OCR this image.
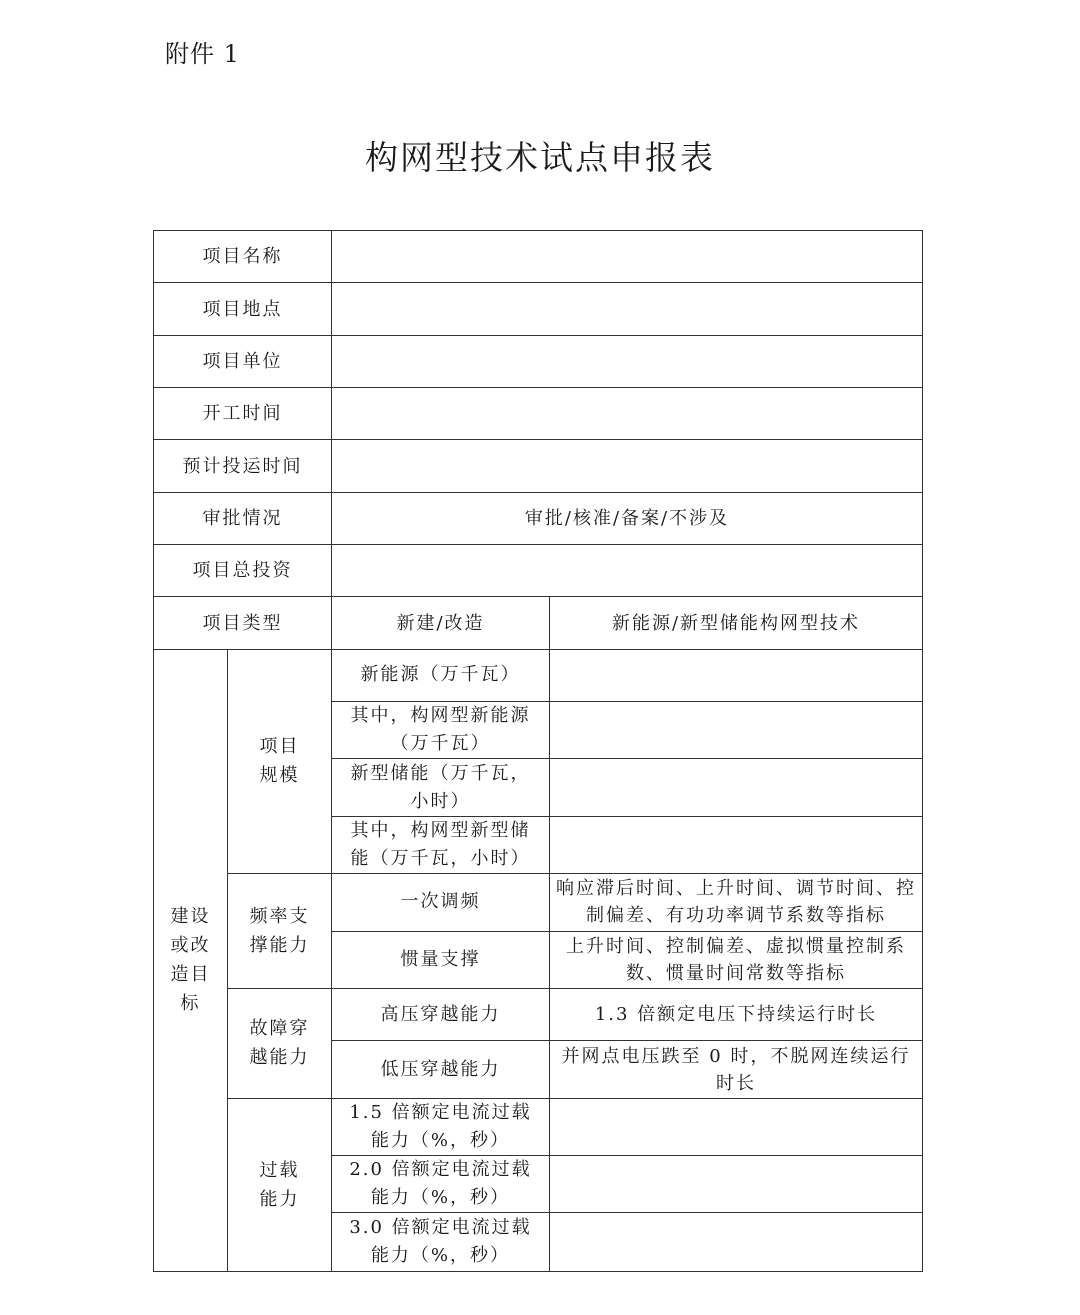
附件 1
构网型技术试点申报表
项目名称			
项目地点			
项目单位			
开工时间			
预计投运时间			
审批情况		审批/核准/备案/不涉及	
项目总投资			
项目类型		新建/改造	新能源/新型储能构网型技术
建设或改造目标	项目规模	新能源（万千瓦）	
		其中，构网型新能源（万千瓦）	
		新型储能（万千瓦，小时）	
		其中，构网型新型储能（万千瓦，小时）	
	频率支撑能力	一次调频	响应滞后时间、上升时间、调节时间、控制偏差、有功功率调节系数等指标
		惯量支撑	上升时间、控制偏差、虚拟惯量控制系数、惯量时间常数等指标
	故障穿越能力	高压穿越能力	1.3 倍额定电压下持续运行时长
		低压穿越能力	并网点电压跌至 0 时，不脱网连续运行时长
	过载能力	1.5 倍额定电流过载能力（%，秒）	
		2.0 倍额定电流过载能力（%，秒）	
		3.0 倍额定电流过载能力（%，秒）	
